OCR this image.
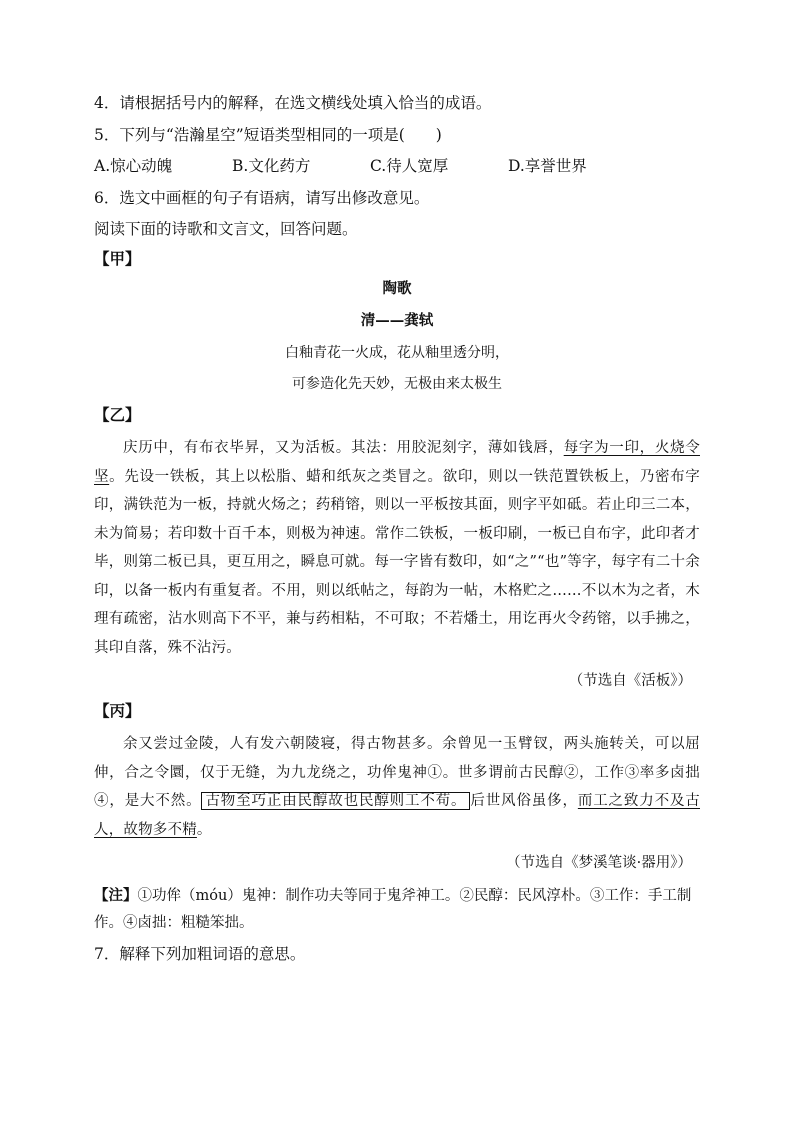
4．请根据括号内的解释，在选文横线处填入恰当的成语。
5．下列与“浩瀚星空”短语类型相同的一项是(　　)
A.惊心动魄	B.文化药方	C.待人宽厚	D.享誉世界
6．选文中画框的句子有语病，请写出修改意见。
阅读下面的诗歌和文言文，回答问题。
【甲】
陶歌
清——龚轼
白釉青花一火成，花从釉里透分明，
可参造化先天妙，无极由来太极生
【乙】
庆历中，有布衣毕昇，又为活板。其法：用胶泥刻字，薄如钱唇，每字为一印，火烧令坚。先设一铁板，其上以松脂、蜡和纸灰之类冒之。欲印，则以一铁范置铁板上，乃密布字印，满铁范为一板，持就火炀之；药稍镕，则以一平板按其面，则字平如砥。若止印三二本，未为简易；若印数十百千本，则极为神速。常作二铁板，一板印刷，一板已自布字，此印者才毕，则第二板已具，更互用之，瞬息可就。每一字皆有数印，如“之”“也”等字，每字有二十余印，以备一板内有重复者。不用，则以纸帖之，每韵为一帖，木格贮之……不以木为之者，木理有疏密，沾水则高下不平，兼与药相粘，不可取；不若燔土，用讫再火令药镕，以手拂之，其印自落，殊不沾污。
（节选自《活板》）
【丙】
余又尝过金陵，人有发六朝陵寝，得古物甚多。余曾见一玉臂钗，两头施转关，可以屈伸，合之令圜，仅于无缝，为九龙绕之，功侔鬼神①。世多谓前古民醇②，工作③率多卤拙④，是大不然。 古物至巧正由民醇故也民醇则工不苟。 后世风俗虽侈，而工之致力不及古人，故物多不精。
（节选自《梦溪笔谈·器用》）
【注】①功侔（móu）鬼神：制作功夫等同于鬼斧神工。②民醇：民风淳朴。③工作：手工制作。④卤拙：粗糙笨拙。
7．解释下列加粗词语的意思。
